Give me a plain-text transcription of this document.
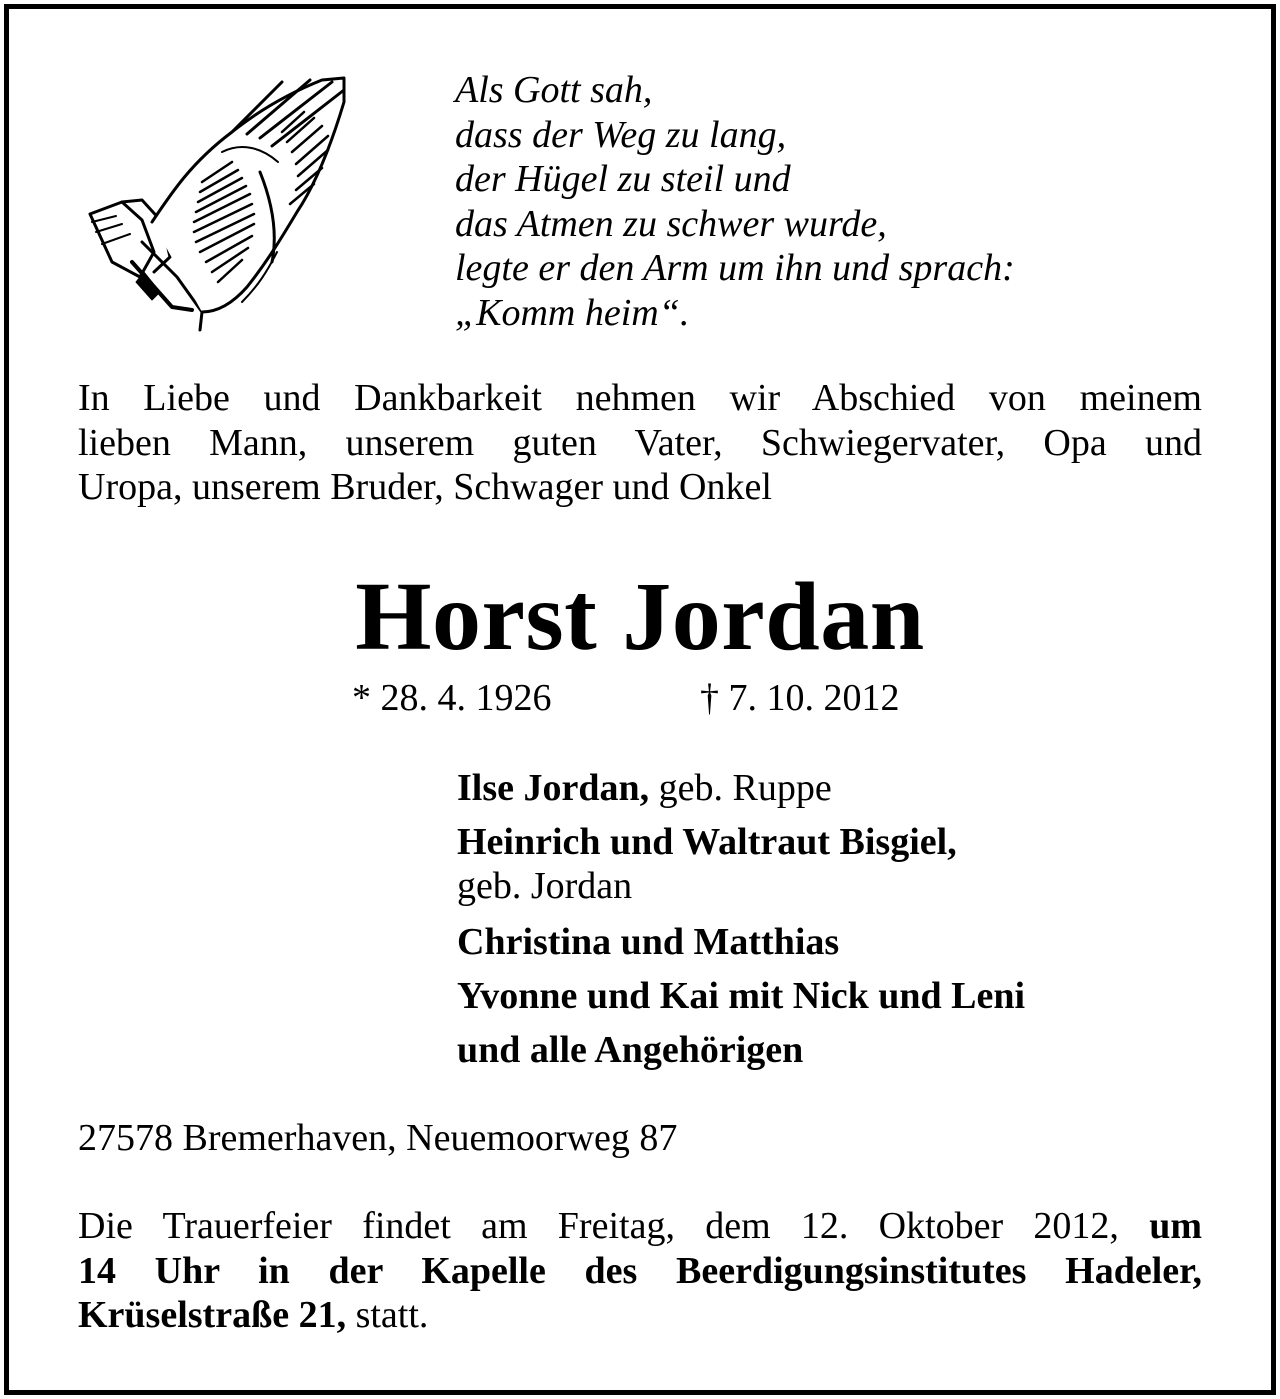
Als Gott sah,
dass der Weg zu lang,
der Hügel zu steil und
das Atmen zu schwer wurde,
legte er den Arm um ihn und sprach:
„Komm heim“.
In Liebe und Dankbarkeit nehmen wir Abschied von meinem
lieben Mann, unserem guten Vater, Schwiegervater, Opa und
Uropa, unserem Bruder, Schwager und Onkel
Horst Jordan
* 28. 4. 1926	† 7. 10. 2012
Ilse Jordan, geb. Ruppe
Heinrich und Waltraut Bisgiel,
geb. Jordan
Christina und Matthias
Yvonne und Kai mit Nick und Leni
und alle Angehörigen
27578 Bremerhaven, Neuemoorweg 87
Die Trauerfeier findet am Freitag, dem 12. Oktober 2012, um
14 Uhr in der Kapelle des Beerdigungsinstitutes Hadeler,
Krüselstraße 21, statt.
